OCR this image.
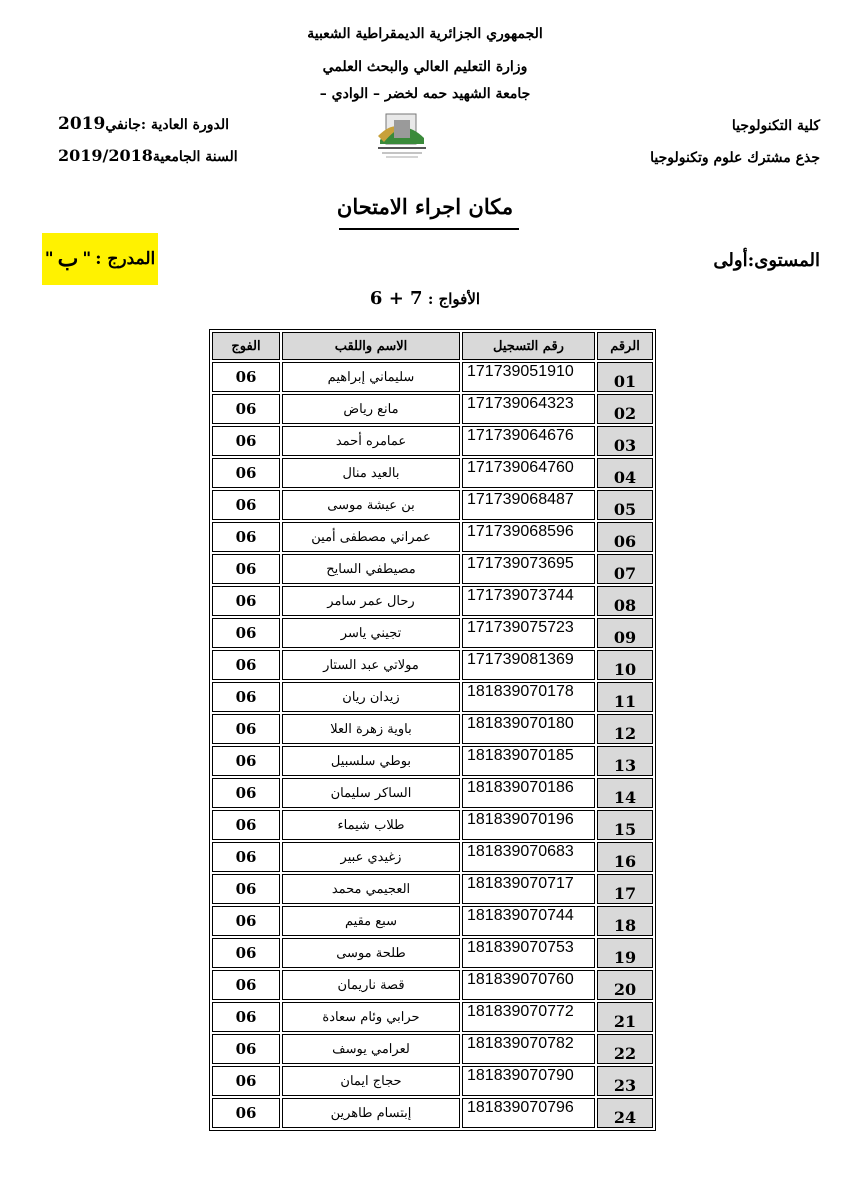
الجمهوري الجزائرية الديمقراطية الشعبية
وزارة التعليم العالي والبحث العلمي
جامعة الشهيد حمه لخضر – الوادي –
كلية التكنولوجيا
جذع مشترك علوم وتكنولوجيا
الدورة العادية :جانفي2019
السنة الجامعية2019/2018
مكان اجراء الامتحان
المستوى:أولى
المدرج :
"
ب
"
الأفواج : 6 + 7
الرقم	رقم التسجيل	الاسم واللقب	الفوج
01	171739051910	سليماني إبراهيم	06
02	171739064323	مانع رياض	06
03	171739064676	عمامره أحمد	06
04	171739064760	بالعيد منال	06
05	171739068487	بن عيشة موسى	06
06	171739068596	عمراني مصطفى أمين	06
07	171739073695	مصيطفي السايح	06
08	171739073744	رحال عمر سامر	06
09	171739075723	تجيني ياسر	06
10	171739081369	مولاتي عبد الستار	06
11	181839070178	زيدان ريان	06
12	181839070180	باوية زهرة العلا	06
13	181839070185	بوطي سلسبيل	06
14	181839070186	الساكر سليمان	06
15	181839070196	طلاب شيماء	06
16	181839070683	زغيدي عبير	06
17	181839070717	العجيمي محمد	06
18	181839070744	سبع مقيم	06
19	181839070753	طلحة موسى	06
20	181839070760	قصة ناريمان	06
21	181839070772	حرابي وئام سعادة	06
22	181839070782	لعرامي يوسف	06
23	181839070790	حجاج ايمان	06
24	181839070796	إبتسام طاهرين	06
